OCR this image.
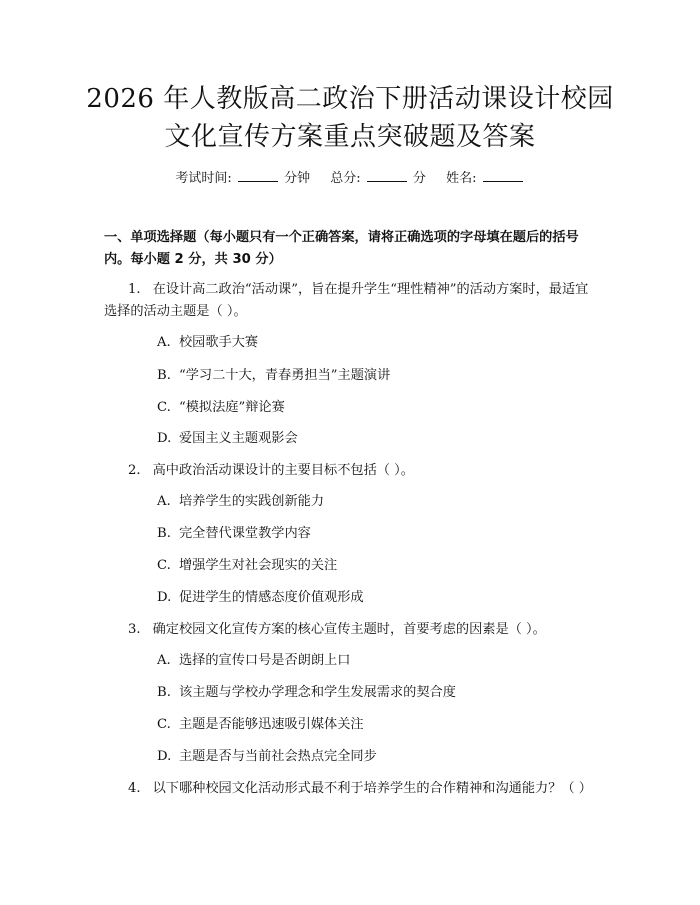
2026 年人教版高二政治下册活动课设计校园
文化宣传方案重点突破题及答案
考试时间:	分钟 总分:	分 姓名:
一、单项选择题（每小题只有一个正确答案，请将正确选项的字母填在题后的括号内。每小题 2 分，共 30 分）
1. 在设计高二政治“活动课”，旨在提升学生“理性精神”的活动方案时，最适宜选择的活动主题是（ ）。
A. 校园歌手大赛
B. “学习二十大，青春勇担当”主题演讲
C. “模拟法庭”辩论赛
D. 爱国主义主题观影会
2. 高中政治活动课设计的主要目标不包括（ ）。
A. 培养学生的实践创新能力
B. 完全替代课堂教学内容
C. 增强学生对社会现实的关注
D. 促进学生的情感态度价值观形成
3. 确定校园文化宣传方案的核心宣传主题时，首要考虑的因素是（ ）。
A. 选择的宣传口号是否朗朗上口
B. 该主题与学校办学理念和学生发展需求的契合度
C. 主题是否能够迅速吸引媒体关注
D. 主题是否与当前社会热点完全同步
4. 以下哪种校园文化活动形式最不利于培养学生的合作精神和沟通能力？（ ）
